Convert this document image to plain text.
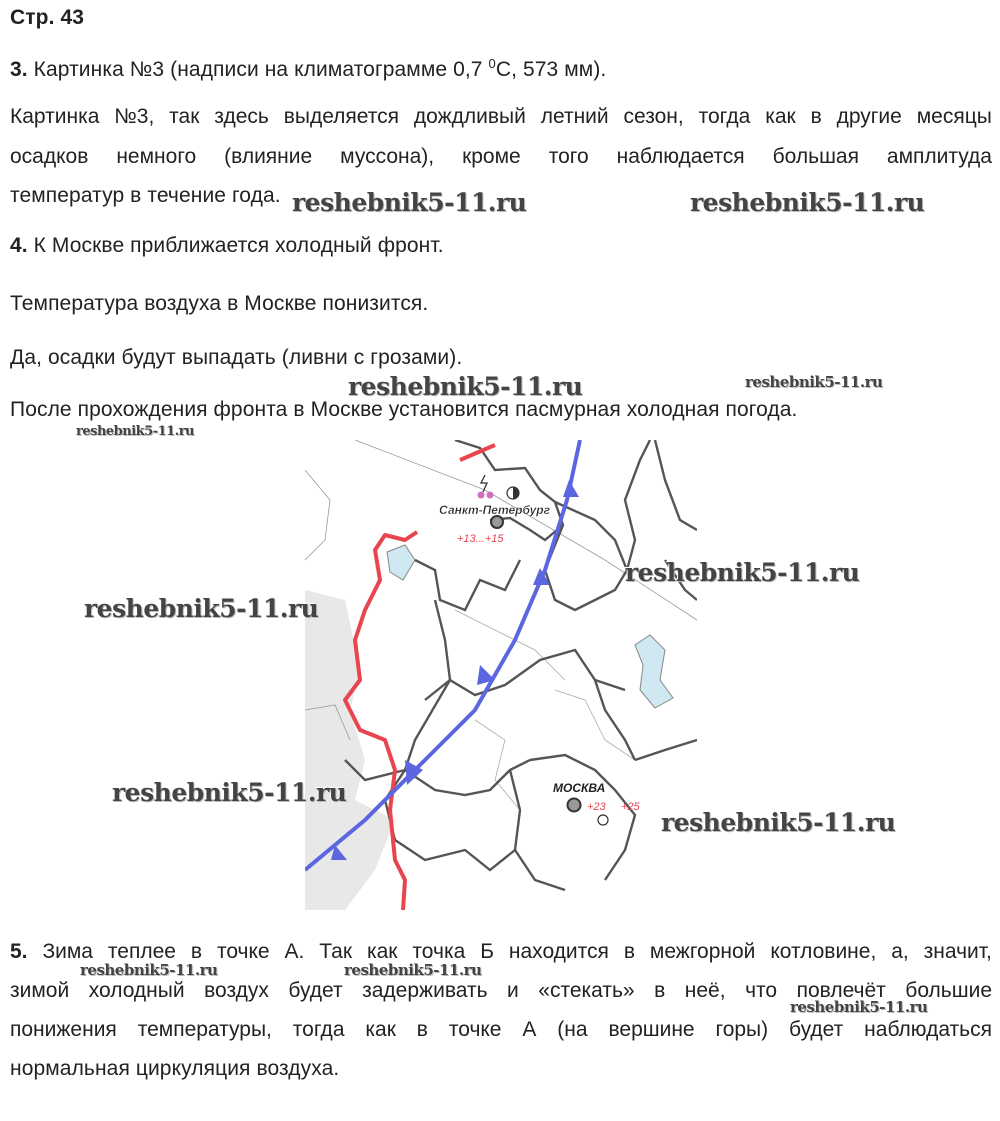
Стр. 43
3. Картинка №3 (надписи на климатограмме 0,7 $^0$С, 573 мм).
Картинка №3, так здесь выделяется дождливый летний сезон, тогда как в другие месяцы
осадков немного (влияние муссона), кроме того наблюдается большая амплитуда
температур в течение года.
4. К Москве приближается холодный фронт.
Температура воздуха в Москве понизится.
Да, осадки будут выпадать (ливни с грозами).
После прохождения фронта в Москве установится пасмурная холодная погода.
Санкт-Петербург
+13...+15
МОСКВА
+23 +25
5. Зима теплее в точке А. Так как точка Б находится в межгорной котловине, а, значит,
зимой холодный воздух будет задерживать и «стекать» в неё, что повлечёт большие
понижения температуры, тогда как в точке А (на вершине горы) будет наблюдаться
нормальная циркуляция воздуха.
reshebnik5-11.ru	reshebnik5-11.ru
reshebnik5-11.ru	reshebnik5-11.ru
reshebnik5-11.ru
reshebnik5-11.ru
reshebnik5-11.ru
reshebnik5-11.ru
reshebnik5-11.ru
reshebnik5-11.ru	reshebnik5-11.ru
reshebnik5-11.ru
